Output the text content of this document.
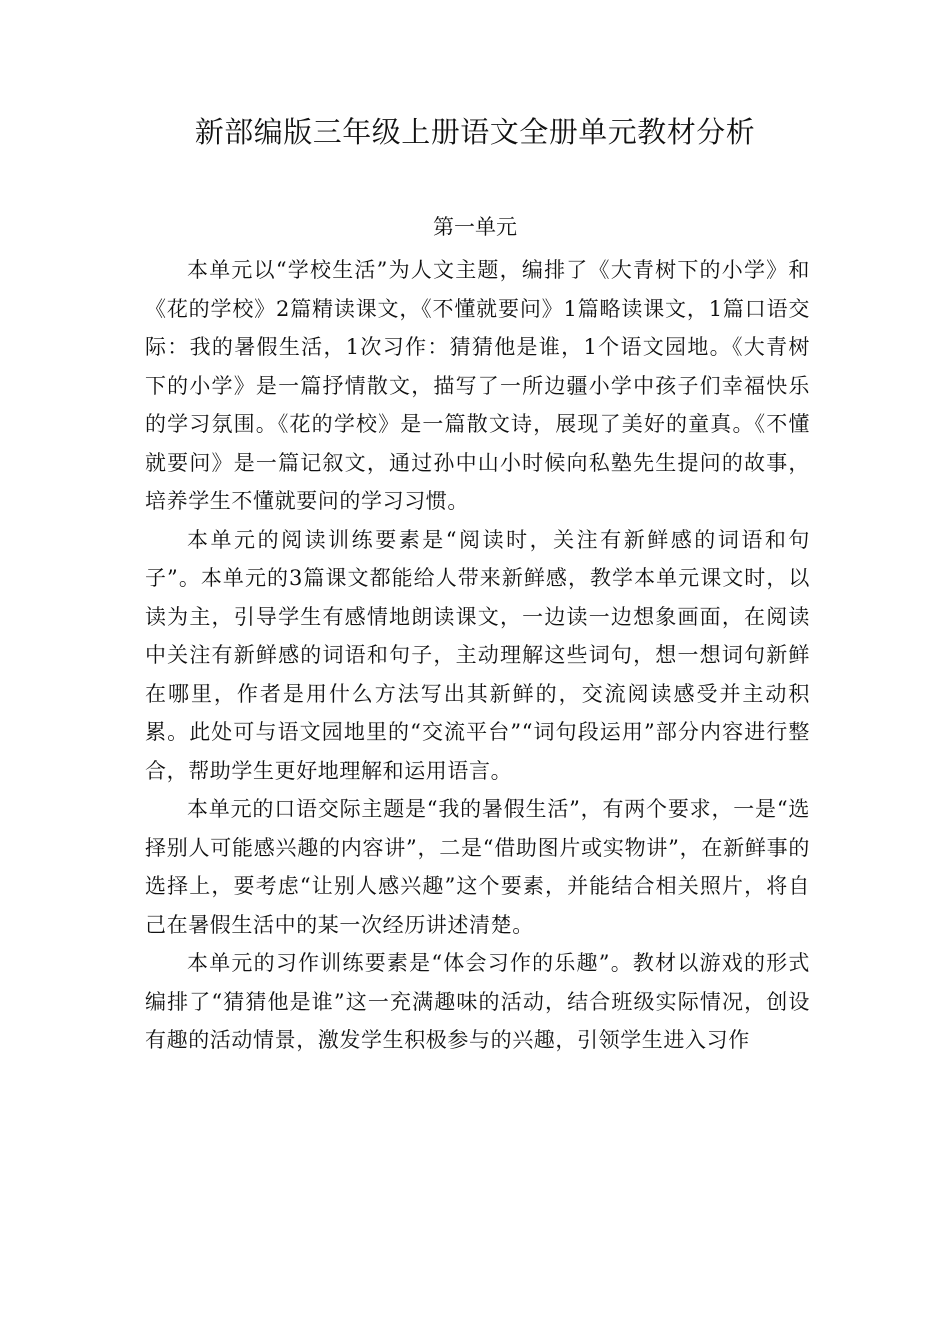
新部编版三年级上册语文全册单元教材分析
第一单元

本单元以“学校生活”为人文主题，编排了《大青树下的小学》和《花的学校》2篇精读课文，《不懂就要问》1篇略读课文，1篇口语交际：我的暑假生活，1次习作：猜猜他是谁，1个语文园地。《大青树下的小学》是一篇抒情散文，描写了一所边疆小学中孩子们幸福快乐的学习氛围。《花的学校》是一篇散文诗，展现了美好的童真。《不懂就要问》是一篇记叙文，通过孙中山小时候向私塾先生提问的故事，培养学生不懂就要问的学习习惯。

本单元的阅读训练要素是“阅读时，关注有新鲜感的词语和句子”。本单元的3篇课文都能给人带来新鲜感，教学本单元课文时，以读为主，引导学生有感情地朗读课文，一边读一边想象画面，在阅读中关注有新鲜感的词语和句子，主动理解这些词句，想一想词句新鲜在哪里，作者是用什么方法写出其新鲜的，交流阅读感受并主动积累。此处可与语文园地里的“交流平台”“词句段运用”部分内容进行整合，帮助学生更好地理解和运用语言。

本单元的口语交际主题是“我的暑假生活”，有两个要求，一是“选择别人可能感兴趣的内容讲”，二是“借助图片或实物讲”，在新鲜事的选择上，要考虑“让别人感兴趣”这个要素，并能结合相关照片，将自己在暑假生活中的某一次经历讲述清楚。

本单元的习作训练要素是“体会习作的乐趣”。教材以游戏的形式编排了“猜猜他是谁”这一充满趣味的活动，结合班级实际情况，创设有趣的活动情景，激发学生积极参与的兴趣，引领学生进入习作
